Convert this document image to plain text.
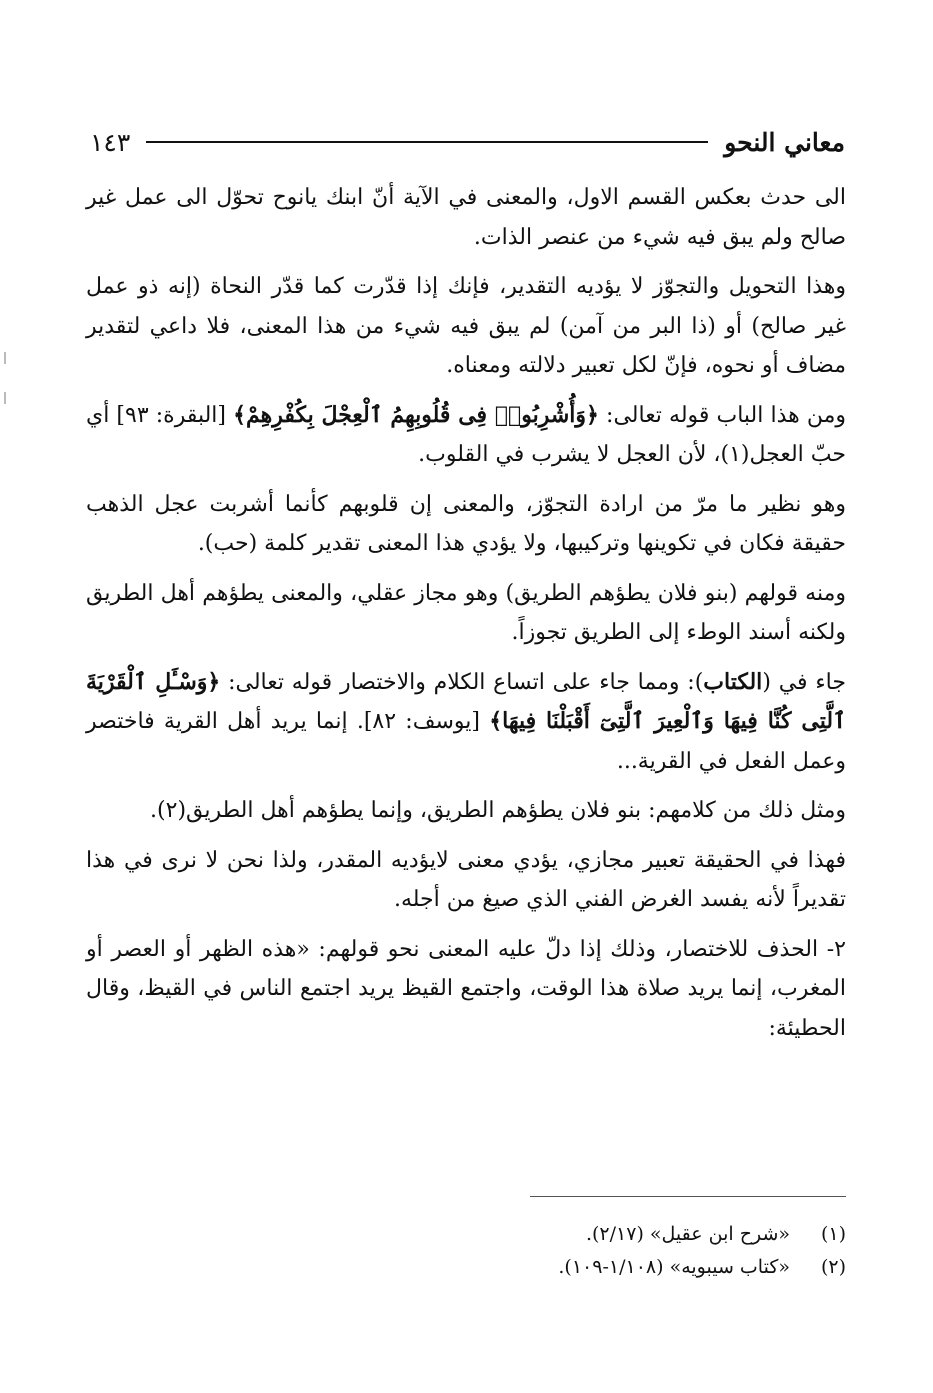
معاني النحو
١٤٣

الى حدث بعكس القسم الاول، والمعنى في الآية أنّ ابنك يانوح تحوّل الى عمل غير صالح ولم يبق فيه شيء من عنصر الذات.

وهذا التحويل والتجوّز لا يؤديه التقدير، فإنك إذا قدّرت كما قدّر النحاة (إنه ذو عمل غير صالح) أو (ذا البر من آمن) لم يبق فيه شيء من هذا المعنى، فلا داعي لتقدير مضاف أو نحوه، فإنّ لكل تعبير دلالته ومعناه.

ومن هذا الباب قوله تعالى: ﴿وَأُشْرِبُوا۟ فِى قُلُوبِهِمُ ٱلْعِجْلَ بِكُفْرِهِمْ﴾ [البقرة: ٩٣] أي حبّ العجل(١)، لأن العجل لا يشرب في القلوب.

وهو نظير ما مرّ من ارادة التجوّز، والمعنى إن قلوبهم كأنما أشربت عجل الذهب حقيقة فكان في تكوينها وتركيبها، ولا يؤدي هذا المعنى تقدير كلمة (حب).

ومنه قولهم (بنو فلان يطؤهم الطريق) وهو مجاز عقلي، والمعنى يطؤهم أهل الطريق ولكنه أسند الوطء إلى الطريق تجوزاً.

جاء في (الكتاب): ومما جاء على اتساع الكلام والاختصار قوله تعالى: ﴿وَسْـَٔلِ ٱلْقَرْيَةَ ٱلَّتِى كُنَّا فِيهَا وَٱلْعِيرَ ٱلَّتِىٓ أَقْبَلْنَا فِيهَا﴾ [يوسف: ٨٢]. إنما يريد أهل القرية فاختصر وعمل الفعل في القرية...

ومثل ذلك من كلامهم: بنو فلان يطؤهم الطريق، وإنما يطؤهم أهل الطريق(٢).

فهذا في الحقيقة تعبير مجازي، يؤدي معنى لايؤديه المقدر، ولذا نحن لا نرى في هذا تقديراً لأنه يفسد الغرض الفني الذي صيغ من أجله.

٢- الحذف للاختصار، وذلك إذا دلّ عليه المعنى نحو قولهم: «هذه الظهر أو العصر أو المغرب، إنما يريد صلاة هذا الوقت، واجتمع القيظ يريد اجتمع الناس في القيظ، وقال الحطيئة:

(١)
«شرح ابن عقيل» (٢/١٧).
(٢)
«كتاب سيبويه» (١/١٠٨-١٠٩).
